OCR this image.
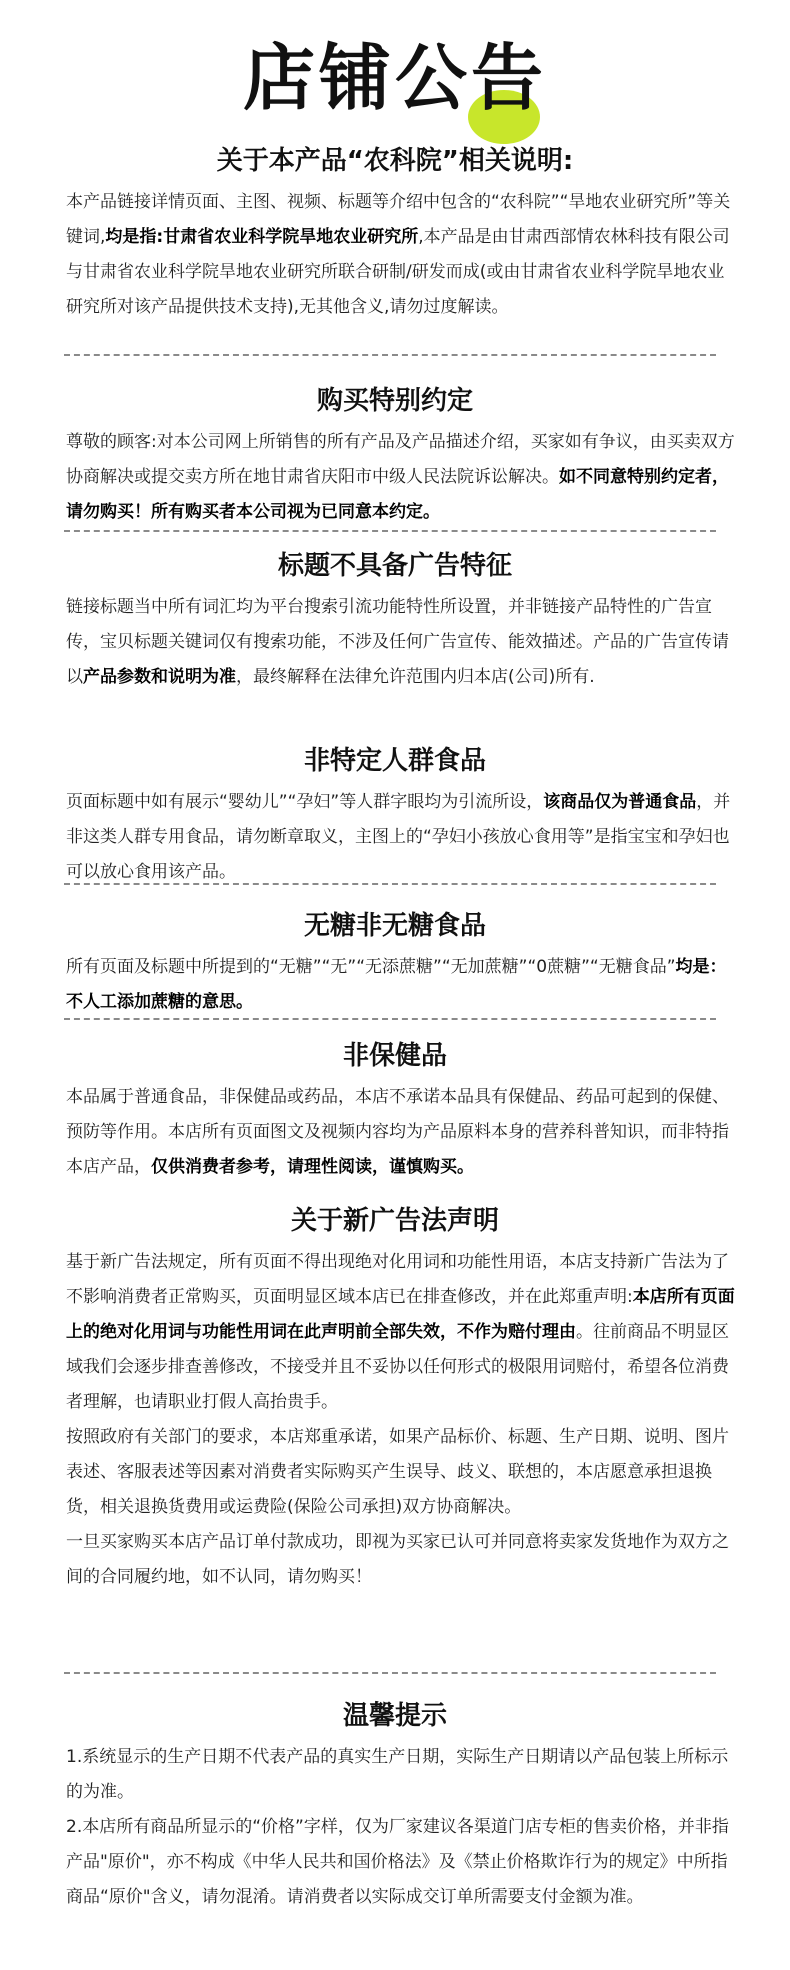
店铺公告
关于本产品“农科院”相关说明:

本产品链接详情页面、主图、视频、标题等介绍中包含的“农科院”“旱地农业研究所”等关键词,均是指:甘肃省农业科学院旱地农业研究所,本产品是由甘肃西部情农林科技有限公司与甘肃省农业科学院旱地农业研究所联合研制/研发而成(或由甘肃省农业科学院旱地农业研究所对该产品提供技术支持),无其他含义,请勿过度解读。

购买特别约定

尊敬的顾客:对本公司网上所销售的所有产品及产品描述介绍，买家如有争议，由买卖双方协商解决或提交卖方所在地甘肃省庆阳市中级人民法院诉讼解决。如不同意特别约定者，请勿购买！所有购买者本公司视为已同意本约定。

标题不具备广告特征

链接标题当中所有词汇均为平台搜索引流功能特性所设置，并非链接产品特性的广告宣传，宝贝标题关键词仅有搜索功能，不涉及任何广告宣传、能效描述。产品的广告宣传请以产品参数和说明为准，最终解释在法律允许范围内归本店(公司)所有.

非特定人群食品

页面标题中如有展示“婴幼儿”“孕妇”等人群字眼均为引流所设，该商品仅为普通食品，并非这类人群专用食品，请勿断章取义，主图上的“孕妇小孩放心食用等”是指宝宝和孕妇也可以放心食用该产品。

无糖非无糖食品

所有页面及标题中所提到的“无糖”“无”“无添蔗糖”“无加蔗糖”“0蔗糖”“无糖食品”均是：不人工添加蔗糖的意思。

非保健品

本品属于普通食品，非保健品或药品，本店不承诺本品具有保健品、药品可起到的保健、预防等作用。本店所有页面图文及视频内容均为产品原料本身的营养科普知识，而非特指本店产品，仅供消费者参考，请理性阅读，谨慎购买。

关于新广告法声明

基于新广告法规定，所有页面不得出现绝对化用词和功能性用语，本店支持新广告法为了不影响消费者正常购买，页面明显区域本店已在排查修改，并在此郑重声明:本店所有页面上的绝对化用词与功能性用词在此声明前全部失效，不作为赔付理由。往前商品不明显区域我们会逐步排查善修改，不接受并且不妥协以任何形式的极限用词赔付，希望各位消费者理解，也请职业打假人高抬贵手。

按照政府有关部门的要求，本店郑重承诺，如果产品标价、标题、生产日期、说明、图片表述、客服表述等因素对消费者实际购买产生误导、歧义、联想的，本店愿意承担退换货，相关退换货费用或运费险(保险公司承担)双方协商解决。

一旦买家购买本店产品订单付款成功，即视为买家已认可并同意将卖家发货地作为双方之间的合同履约地，如不认同，请勿购买！

温馨提示

1.系统显示的生产日期不代表产品的真实生产日期，实际生产日期请以产品包装上所标示的为准。

2.本店所有商品所显示的“价格”字样，仅为厂家建议各渠道门店专柜的售卖价格，并非指产品"原价"，亦不构成《中华人民共和国价格法》及《禁止价格欺诈行为的规定》中所指商品“原价"含义，请勿混淆。请消费者以实际成交订单所需要支付金额为准。
